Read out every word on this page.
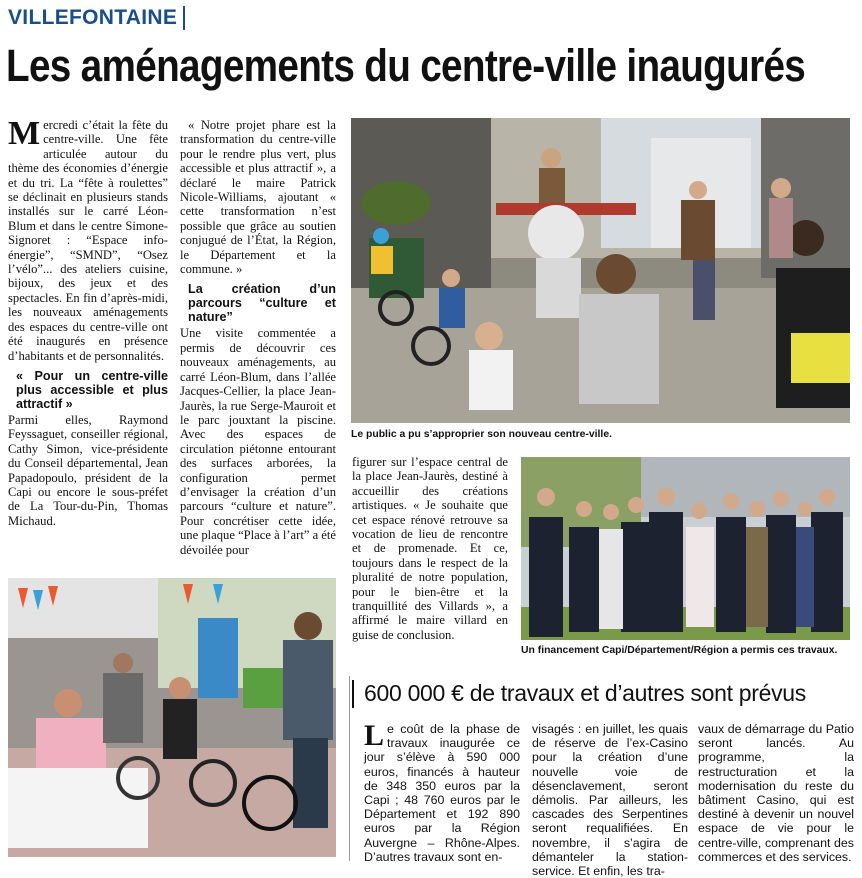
VILLEFONTAINE
Les aménagements du centre-ville inaugurés

Mercredi c’était la fête du centre-ville. Une fête articulée autour du thème des économies d’énergie et du tri. La “fête à roulettes” se déclinait en plusieurs stands installés sur le carré Léon-Blum et dans le centre Simone-Signoret : “Espace info-énergie”, “SMND”, “Osez l’vélo”... des ateliers cuisine, bijoux, des jeux et des spectacles. En fin d’après-midi, les nouveaux aménagements des espaces du centre-ville ont été inaugurés en présence d’habitants et de personnalités.

« Pour un centre-ville plus accessible et plus attractif »

Parmi elles, Raymond Feyssaguet, conseiller régional, Cathy Simon, vice-présidente du Conseil départemental, Jean Papadopoulo, président de la Capi ou encore le sous-préfet de La Tour-du-Pin, Thomas Michaud.

« Notre projet phare est la transformation du centre-ville pour le rendre plus vert, plus accessible et plus attractif », a déclaré le maire Patrick Nicole-Williams, ajoutant « cette transformation n’est possible que grâce au soutien conjugué de l’État, la Région, le Département et la commune. »

La création d’un parcours “culture et nature”

Une visite commentée a permis de découvrir ces nouveaux aménagements, au carré Léon-Blum, dans l’allée Jacques-Cellier, la place Jean-Jaurès, la rue Serge-Mauroit et le parc jouxtant la piscine. Avec des espaces de circulation piétonne entourant des surfaces arborées, la configuration permet d’envisager la création d’un parcours “culture et nature”. Pour concrétiser cette idée, une plaque “Place à l’art” a été dévoilée pour

Le public a pu s’approprier son nouveau centre-ville.

figurer sur l’espace central de la place Jean-Jaurès, destiné à accueillir des créations artistiques. « Je souhaite que cet espace rénové retrouve sa vocation de lieu de rencontre et de promenade. Et ce, toujours dans le respect de la pluralité de notre population, pour le bien-être et la tranquillité des Villards », a affirmé le maire villard en guise de conclusion.

Un financement Capi/Département/Région a permis ces travaux.
600 000 € de travaux et d’autres sont prévus

Le coût de la phase de travaux inaugurée ce jour s’élève à 590 000 euros, financés à hauteur de 348 350 euros par la Capi ; 48 760 euros par le Département et 192 890 euros par la Région Auvergne – Rhône-Alpes. D’autres travaux sont en-

visagés : en juillet, les quais de réserve de l’ex-Casino pour la création d’une nouvelle voie de désenclavement, seront démolis. Par ailleurs, les cascades des Serpentines seront requalifiées. En novembre, il s’agira de démanteler la station-service. Et enfin, les tra-

vaux de démarrage du Patio seront lancés. Au programme, la restructuration et la modernisation du reste du bâtiment Casino, qui est destiné à devenir un nouvel espace de vie pour le centre-ville, comprenant des commerces et des services.
